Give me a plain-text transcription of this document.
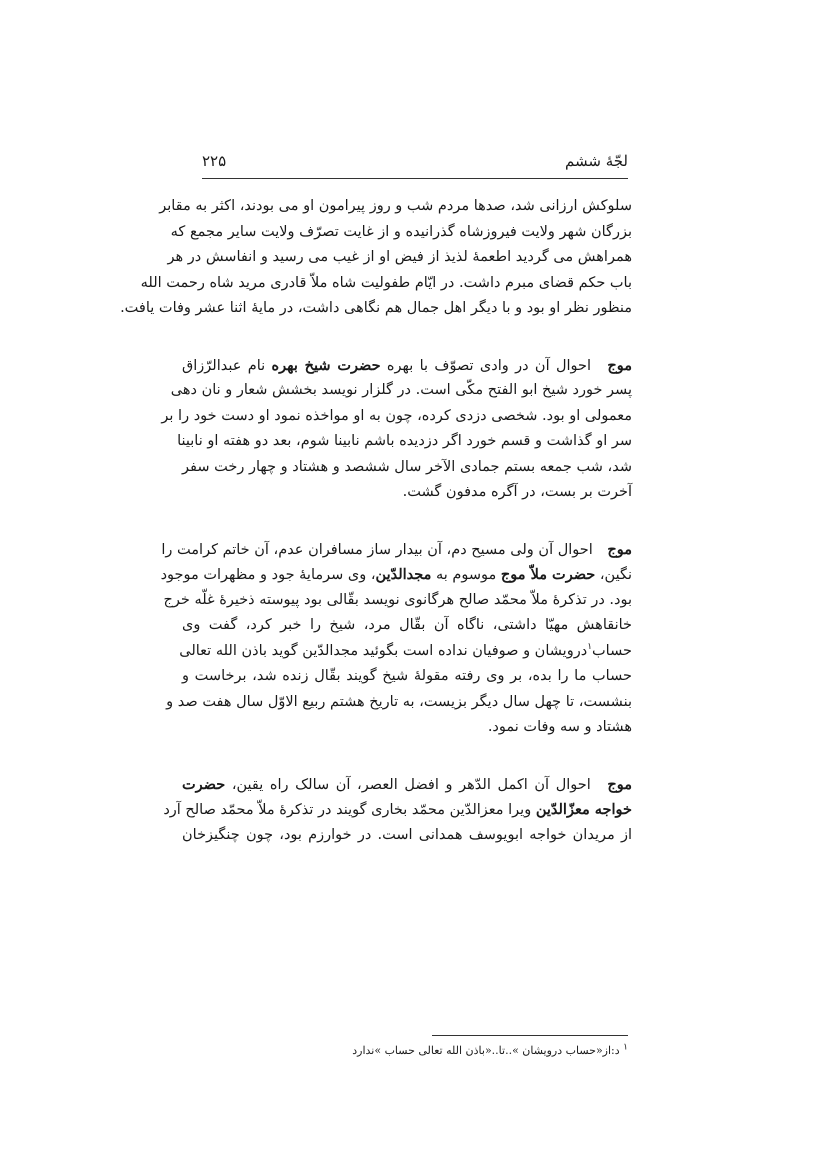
لجّهٔ ششم
۲۲۵
سلوکش ارزانی شد، صدها مردم شب و روز پیرامون او می بودند، اکثر به مقابر
بزرگان شهر ولایت فیروزشاه گذرانیده و از غایت تصرّف ولایت سایر مجمع که
همراهش می گردید اطعمهٔ لذیذ از فیض او از غیب می رسید و انفاسش در هر
باب حکم قضای مبرم داشت. در ایّام طفولیت شاه ملاّ قادری مرید شاه رحمت الله
منظور نظر او بود و با دیگر اهل جمال هم نگاهی داشت، در مایهٔ اثنا عشر وفات یافت.
موج احوال آن در وادی تصوّف با بهره حضرت شیخ بهره نام عبدالرّزاق
پسر خورد شیخ ابو الفتح مکّی است. در گلزار نویسد بخشش شعار و نان دهی
معمولی او بود. شخصی دزدی کرده، چون به او مواخذه نمود او دست خود را بر
سر او گذاشت و قسم خورد اگر دزدیده باشم نابینا شوم، بعد دو هفته او نابینا
شد، شب جمعه بستم جمادی الآخر سال ششصد و هشتاد و چهار رخت سفر
آخرت بر بست، در آگره مدفون گشت.
موج احوال آن ولی مسیح دم، آن بیدار ساز مسافران عدم، آن خاتم کرامت را
نگین، حضرت ملاّ موج موسوم به مجدالدّین، وی سرمایهٔ جود و مظهرات موجود
بود. در تذکرهٔ ملاّ محمّد صالح هرگانوی نویسد بقّالی بود پیوسته ذخیرهٔ غلّه خرج
خانقاهش مهیّا داشتی، ناگاه آن بقّال مرد، شیخ را خبر کرد، گفت وی
حساب$^۱$درویشان و صوفیان نداده است بگوئید مجدالدّین گوید باذن الله تعالی
حساب ما را بده، بر وی رفته مقولهٔ شیخ گویند بقّال زنده شد، برخاست و
بنشست، تا چهل سال دیگر بزیست، به تاریخ هشتم ربیع الاوّل سال هفت صد و
هشتاد و سه وفات نمود.
موج احوال آن اکمل الدّهر و افضل العصر، آن سالک راه یقین، حضرت
خواجه معزّالدّین ویرا معزالدّین محمّد بخاری گویند در تذکرهٔ ملاّ محمّد صالح آرد
از مریدان خواجه ابویوسف همدانی است. در خوارزم بود، چون چنگیزخان
$^۱$ د:از«حساب درویشان »..تا..«باذن الله تعالی حساب »ندارد
